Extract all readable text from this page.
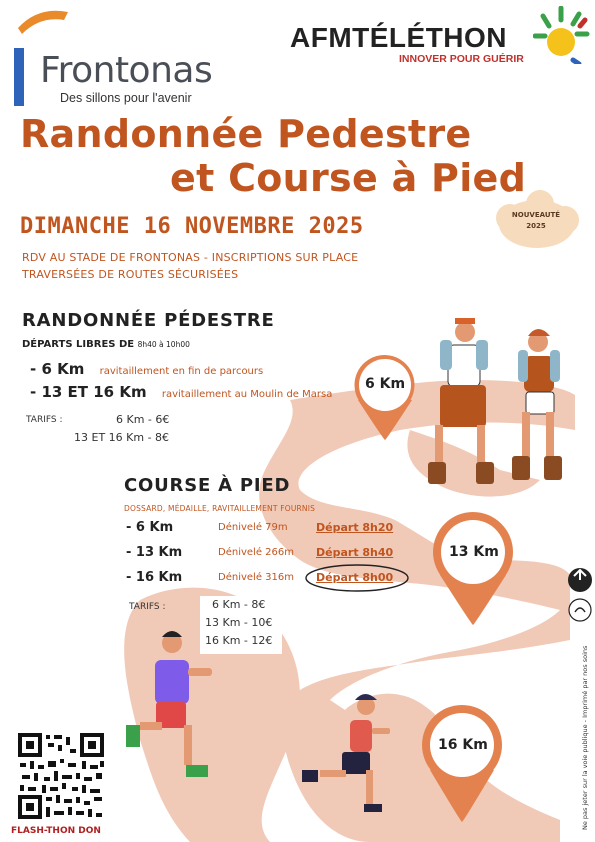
Frontonas
Des sillons pour l'avenir
AFMTÉLÉTHON
INNOVER POUR GUÉRIR
Randonnée Pedestre
et Course à Pied
DIMANCHE 16 NOVEMBRE 2025
RDV AU STADE DE FRONTONAS - INSCRIPTIONS SUR PLACE
TRAVERSÉES DE ROUTES SÉCURISÉES
NOUVEAUTÉ
2025
RANDONNÉE PÉDESTRE
DÉPARTS LIBRES DE 8h40 à 10h00
- 6 Km ravitaillement en fin de parcours
- 13 ET 16 Km ravitaillement au Moulin de Marsa
TARIFS :	6 Km - 6€
13 ET 16 Km - 8€
6 Km
13 Km
16 Km
COURSE À PIED
DOSSARD, MÉDAILLE, RAVITAILLEMENT FOURNIS
- 6 Km	Dénivelé 79m	Départ 8h20
- 13 Km	Dénivelé 266m Départ 8h40
- 16 Km	Dénivelé 316m Départ 8h00
TARIFS :	6 Km - 8€
13 Km - 10€
16 Km - 12€
FLASH-THON DON
Ne pas jeter sur la voie publique - Imprimé par nos soins
